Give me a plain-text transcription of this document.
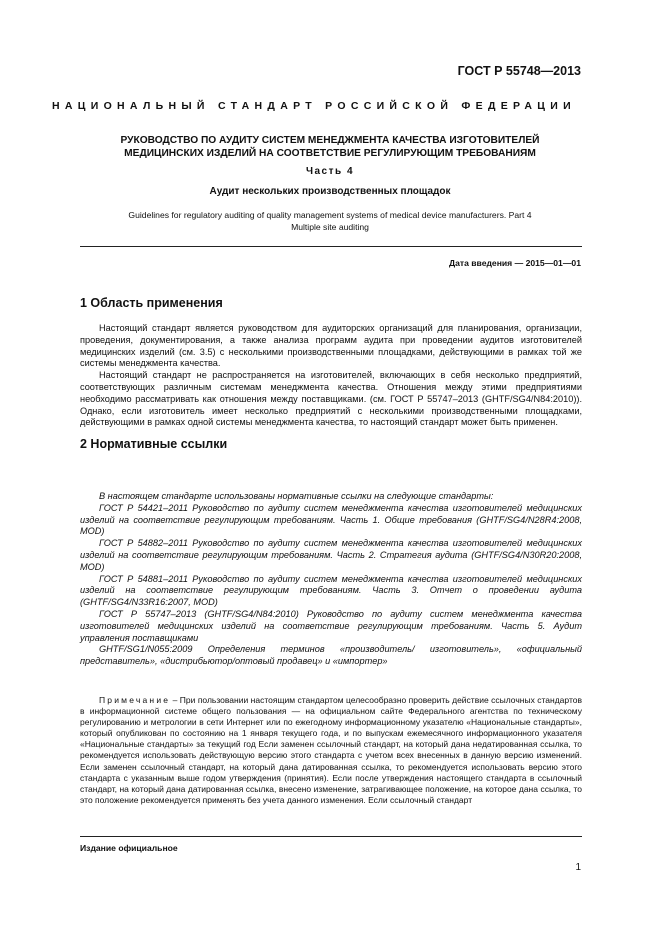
ГОСТ Р 55748—2013
НАЦИОНАЛЬНЫЙ СТАНДАРТ РОССИЙСКОЙ ФЕДЕРАЦИИ
РУКОВОДСТВО ПО АУДИТУ СИСТЕМ МЕНЕДЖМЕНТА КАЧЕСТВА ИЗГОТОВИТЕЛЕЙ
МЕДИЦИНСКИХ ИЗДЕЛИЙ НА СООТВЕТСТВИЕ РЕГУЛИРУЮЩИМ ТРЕБОВАНИЯМ
Часть 4
Аудит нескольких производственных площадок
Guidelines for regulatory auditing of quality management systems of medical device manufacturers. Part 4
Multiple site auditing
Дата введения — 2015—01—01
1 Область применения

Настоящий стандарт является руководством для аудиторских организаций для планирования, организации, проведения, документирования, а также анализа программ аудита при проведении аудитов изготовителей медицинских изделий (см. 3.5) с несколькими производственными площадками, действующими в рамках той же системы менеджмента качества.

Настоящий стандарт не распространяется на изготовителей, включающих в себя несколько предприятий, соответствующих различным системам менеджмента качества. Отношения между этими предприятиями необходимо рассматривать как отношения между поставщиками. (см. ГОСТ Р 55747–2013 (GHTF/SG4/N84:2010)). Однако, если изготовитель имеет несколько предприятий с несколькими производственными площадками, действующими в рамках одной системы менеджмента качества, то настоящий стандарт может быть применен.

2 Нормативные ссылки

В настоящем стандарте использованы нормативные ссылки на следующие стандарты:

ГОСТ Р 54421–2011 Руководство по аудиту систем менеджмента качества изготовителей медицинских изделий на соответствие регулирующим требованиям. Часть 1. Общие требования (GHTF/SG4/N28R4:2008, MOD)

ГОСТ Р 54882–2011 Руководство по аудиту систем менеджмента качества изготовителей медицинских изделий на соответствие регулирующим требованиям. Часть 2. Стратегия аудита (GHTF/SG4/N30R20:2008, MOD)

ГОСТ Р 54881–2011 Руководство по аудиту систем менеджмента качества изготовителей медицинских изделий на соответствие регулирующим требованиям. Часть 3. Отчет о проведении аудита (GHTF/SG4/N33R16:2007, MOD)

ГОСТ Р 55747–2013 (GHTF/SG4/N84:2010) Руководство по аудиту систем менеджмента качества изготовителей медицинских изделий на соответствие регулирующим требованиям. Часть 5. Аудит управления поставщиками

GHTF/SG1/N055:2009 Определения терминов «производитель/ изготовитель», «официальный представитель», «дистрибьютор/оптовый продавец» и «импортер»

Примечание – При пользовании настоящим стандартом целесообразно проверить действие ссылочных стандартов в информационной системе общего пользования — на официальном сайте Федерального агентства по техническому регулированию и метрологии в сети Интернет или по ежегодному информационному указателю «Национальные стандарты», который опубликован по состоянию на 1 января текущего года, и по выпускам ежемесячного информационного указателя «Национальные стандарты» за текущий год Если заменен ссылочный стандарт, на который дана недатированная ссылка, то рекомендуется использовать действующую версию этого стандарта с учетом всех внесенных в данную версию изменений. Если заменен ссылочный стандарт, на который дана датированная ссылка, то рекомендуется использовать версию этого стандарта с указанным выше годом утверждения (принятия). Если после утверждения настоящего стандарта в ссылочный стандарт, на который дана датированная ссылка, внесено изменение, затрагивающее положение, на которое дана ссылка, то это положение рекомендуется применять без учета данного изменения. Если ссылочный стандарт

Издание официальное
1
